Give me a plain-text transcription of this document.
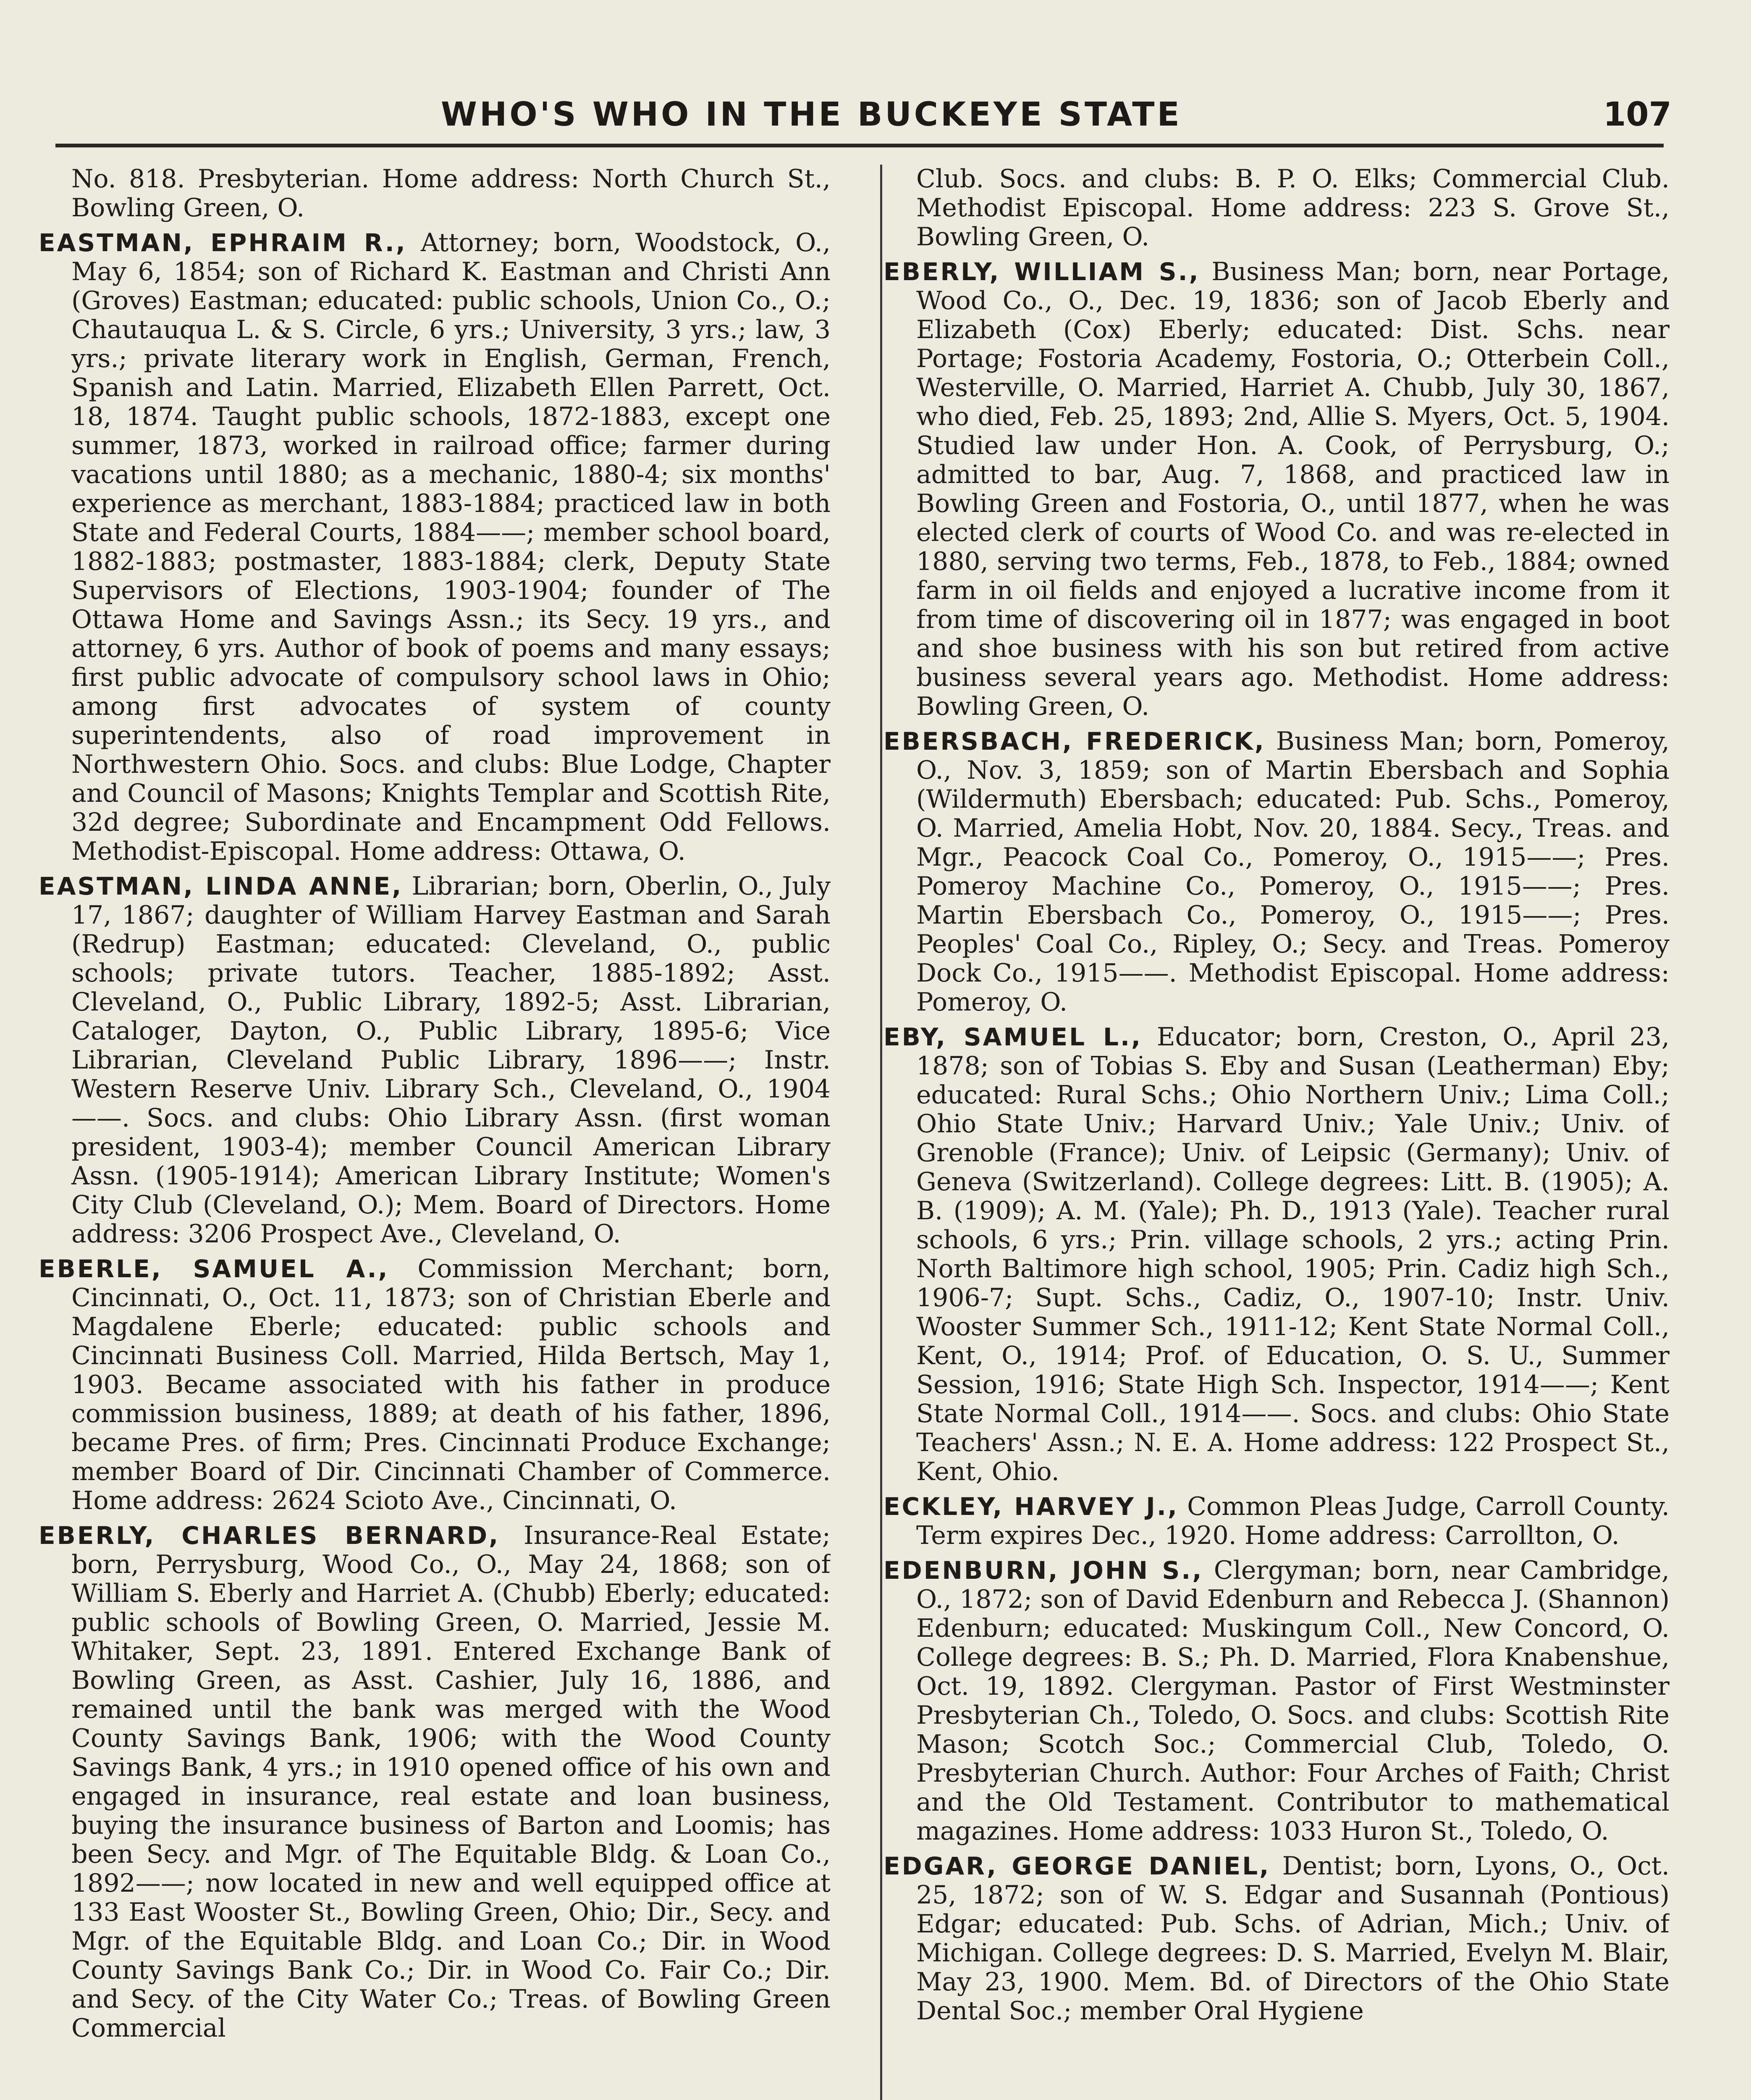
WHO'S WHO IN THE BUCKEYE STATE	107

No. 818. Presbyterian. Home address: North Church St., Bowling Green, O.

EASTMAN, EPHRAIM R., Attorney; born, Woodstock, O., May 6, 1854; son of Richard K. Eastman and Christi Ann (Groves) Eastman; educated: public schools, Union Co., O.; Chautauqua L. & S. Circle, 6 yrs.; University, 3 yrs.; law, 3 yrs.; private literary work in English, German, French, Spanish and Latin. Married, Elizabeth Ellen Parrett, Oct. 18, 1874. Taught public schools, 1872-1883, except one summer, 1873, worked in railroad office; farmer during vacations until 1880; as a mechanic, 1880-4; six months' experience as merchant, 1883-1884; practiced law in both State and Federal Courts, 1884——; member school board, 1882-1883; postmaster, 1883-1884; clerk, Deputy State Supervisors of Elections, 1903-1904; founder of The Ottawa Home and Savings Assn.; its Secy. 19 yrs., and attorney, 6 yrs. Author of book of poems and many essays; first public advocate of compulsory school laws in Ohio; among first advocates of system of county superintendents, also of road improvement in Northwestern Ohio. Socs. and clubs: Blue Lodge, Chapter and Council of Masons; Knights Templar and Scottish Rite, 32d degree; Subordinate and Encampment Odd Fellows. Methodist-Episcopal. Home address: Ottawa, O.

EASTMAN, LINDA ANNE, Librarian; born, Oberlin, O., July 17, 1867; daughter of William Harvey Eastman and Sarah (Redrup) Eastman; educated: Cleveland, O., public schools; private tutors. Teacher, 1885-1892; Asst. Cleveland, O., Public Library, 1892-5; Asst. Librarian, Cataloger, Dayton, O., Public Library, 1895-6; Vice Librarian, Cleveland Public Library, 1896——; Instr. Western Reserve Univ. Library Sch., Cleveland, O., 1904——. Socs. and clubs: Ohio Library Assn. (first woman president, 1903-4); member Council American Library Assn. (1905-1914); American Library Institute; Women's City Club (Cleveland, O.); Mem. Board of Directors. Home address: 3206 Prospect Ave., Cleveland, O.

EBERLE, SAMUEL A., Commission Merchant; born, Cincinnati, O., Oct. 11, 1873; son of Christian Eberle and Magdalene Eberle; educated: public schools and Cincinnati Business Coll. Married, Hilda Bertsch, May 1, 1903. Became associated with his father in produce commission business, 1889; at death of his father, 1896, became Pres. of firm; Pres. Cincinnati Produce Exchange; member Board of Dir. Cincinnati Chamber of Commerce. Home address: 2624 Scioto Ave., Cincinnati, O.

EBERLY, CHARLES BERNARD, Insurance-Real Estate; born, Perrysburg, Wood Co., O., May 24, 1868; son of William S. Eberly and Harriet A. (Chubb) Eberly; educated: public schools of Bowling Green, O. Married, Jessie M. Whitaker, Sept. 23, 1891. Entered Exchange Bank of Bowling Green, as Asst. Cashier, July 16, 1886, and remained until the bank was merged with the Wood County Savings Bank, 1906; with the Wood County Savings Bank, 4 yrs.; in 1910 opened office of his own and engaged in insurance, real estate and loan business, buying the insurance business of Barton and Loomis; has been Secy. and Mgr. of The Equitable Bldg. & Loan Co., 1892——; now located in new and well equipped office at 133 East Wooster St., Bowling Green, Ohio; Dir., Secy. and Mgr. of the Equitable Bldg. and Loan Co.; Dir. in Wood County Savings Bank Co.; Dir. in Wood Co. Fair Co.; Dir. and Secy. of the City Water Co.; Treas. of Bowling Green Commercial

Club. Socs. and clubs: B. P. O. Elks; Commercial Club. Methodist Episcopal. Home address: 223 S. Grove St., Bowling Green, O.

EBERLY, WILLIAM S., Business Man; born, near Portage, Wood Co., O., Dec. 19, 1836; son of Jacob Eberly and Elizabeth (Cox) Eberly; educated: Dist. Schs. near Portage; Fostoria Academy, Fostoria, O.; Otterbein Coll., Westerville, O. Married, Harriet A. Chubb, July 30, 1867, who died, Feb. 25, 1893; 2nd, Allie S. Myers, Oct. 5, 1904. Studied law under Hon. A. Cook, of Perrysburg, O.; admitted to bar, Aug. 7, 1868, and practiced law in Bowling Green and Fostoria, O., until 1877, when he was elected clerk of courts of Wood Co. and was re-elected in 1880, serving two terms, Feb., 1878, to Feb., 1884; owned farm in oil fields and enjoyed a lucrative income from it from time of discovering oil in 1877; was engaged in boot and shoe business with his son but retired from active business several years ago. Methodist. Home address: Bowling Green, O.

EBERSBACH, FREDERICK, Business Man; born, Pomeroy, O., Nov. 3, 1859; son of Martin Ebersbach and Sophia (Wildermuth) Ebersbach; educated: Pub. Schs., Pomeroy, O. Married, Amelia Hobt, Nov. 20, 1884. Secy., Treas. and Mgr., Peacock Coal Co., Pomeroy, O., 1915——; Pres. Pomeroy Machine Co., Pomeroy, O., 1915——; Pres. Martin Ebersbach Co., Pomeroy, O., 1915——; Pres. Peoples' Coal Co., Ripley, O.; Secy. and Treas. Pomeroy Dock Co., 1915——. Methodist Episcopal. Home address: Pomeroy, O.

EBY, SAMUEL L., Educator; born, Creston, O., April 23, 1878; son of Tobias S. Eby and Susan (Leatherman) Eby; educated: Rural Schs.; Ohio Northern Univ.; Lima Coll.; Ohio State Univ.; Harvard Univ.; Yale Univ.; Univ. of Grenoble (France); Univ. of Leipsic (Germany); Univ. of Geneva (Switzerland). College degrees: Litt. B. (1905); A. B. (1909); A. M. (Yale); Ph. D., 1913 (Yale). Teacher rural schools, 6 yrs.; Prin. village schools, 2 yrs.; acting Prin. North Baltimore high school, 1905; Prin. Cadiz high Sch., 1906-7; Supt. Schs., Cadiz, O., 1907-10; Instr. Univ. Wooster Summer Sch., 1911-12; Kent State Normal Coll., Kent, O., 1914; Prof. of Education, O. S. U., Summer Session, 1916; State High Sch. Inspector, 1914——; Kent State Normal Coll., 1914——. Socs. and clubs: Ohio State Teachers' Assn.; N. E. A. Home address: 122 Prospect St., Kent, Ohio.

ECKLEY, HARVEY J., Common Pleas Judge, Carroll County. Term expires Dec., 1920. Home address: Carrollton, O.

EDENBURN, JOHN S., Clergyman; born, near Cambridge, O., 1872; son of David Edenburn and Rebecca J. (Shannon) Edenburn; educated: Muskingum Coll., New Concord, O. College degrees: B. S.; Ph. D. Married, Flora Knabenshue, Oct. 19, 1892. Clergyman. Pastor of First Westminster Presbyterian Ch., Toledo, O. Socs. and clubs: Scottish Rite Mason; Scotch Soc.; Commercial Club, Toledo, O. Presbyterian Church. Author: Four Arches of Faith; Christ and the Old Testament. Contributor to mathematical magazines. Home address: 1033 Huron St., Toledo, O.

EDGAR, GEORGE DANIEL, Dentist; born, Lyons, O., Oct. 25, 1872; son of W. S. Edgar and Susannah (Pontious) Edgar; educated: Pub. Schs. of Adrian, Mich.; Univ. of Michigan. College degrees: D. S. Married, Evelyn M. Blair, May 23, 1900. Mem. Bd. of Directors of the Ohio State Dental Soc.; member Oral Hygiene
